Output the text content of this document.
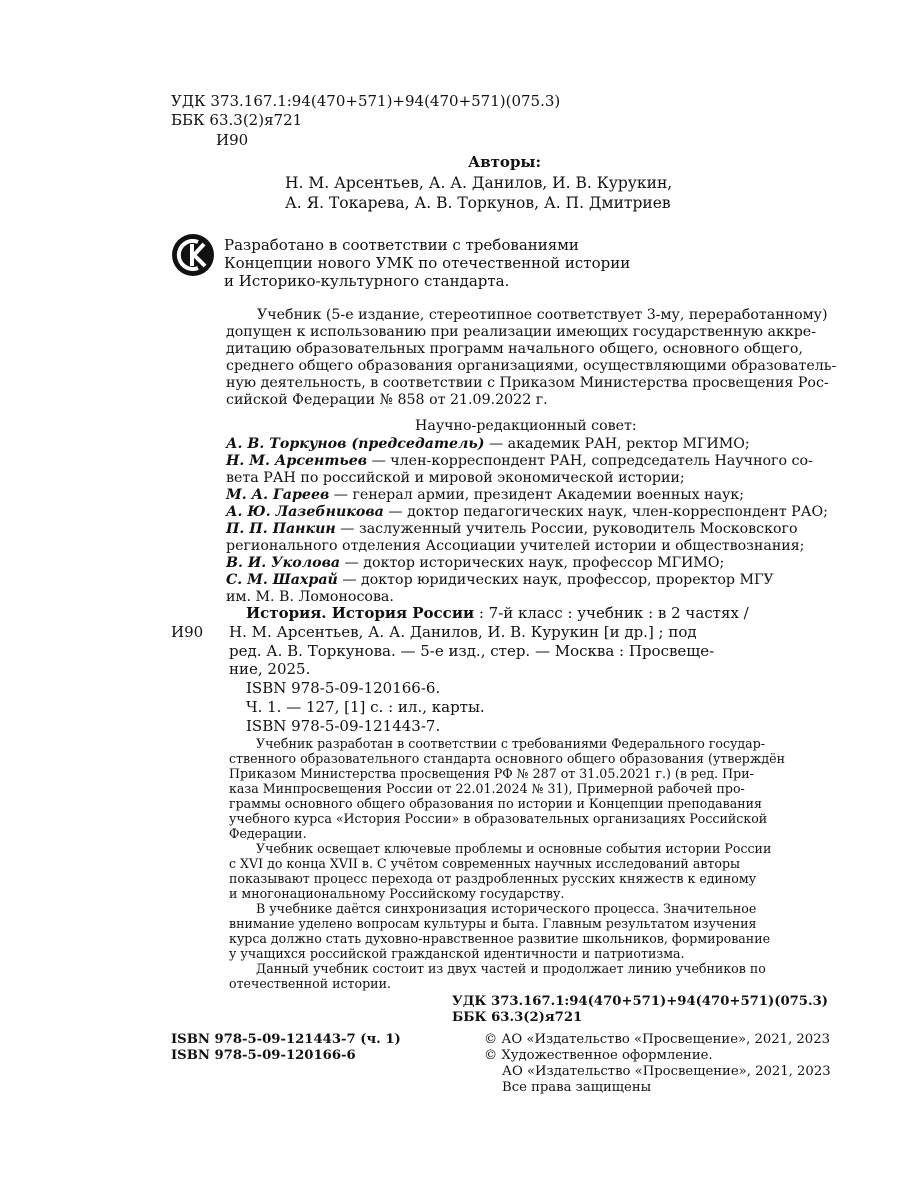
УДК 373.167.1:94(470+571)+94(470+571)(075.3)
ББК 63.3(2)я721
И90
Авторы:
Н. М. Арсентьев, А. А. Данилов, И. В. Курукин,
А. Я. Токарева, А. В. Торкунов, А. П. Дмитриев
Разработано в соответствии с требованиями
Концепции нового УМК по отечественной истории
и Историко-культурного стандарта.
Учебник (5-е издание, стереотипное соответствует 3-му, переработанному)
допущен к использованию при реализации имеющих государственную аккре-
дитацию образовательных программ начального общего, основного общего,
среднего общего образования организациями, осуществляющими образователь-
ную деятельность, в соответствии с Приказом Министерства просвещения Рос-
сийской Федерации № 858 от 21.09.2022 г.
Научно-редакционный совет:
А. В. Торкунов (председатель) — академик РАН, ректор МГИМО;
Н. М. Арсентьев — член-корреспондент РАН, сопредседатель Научного со-
вета РАН по российской и мировой экономической истории;
М. А. Гареев — генерал армии, президент Академии военных наук;
А. Ю. Лазебникова — доктор педагогических наук, член-корреспондент РАО;
П. П. Панкин — заслуженный учитель России, руководитель Московского
регионального отделения Ассоциации учителей истории и обществознания;
В. И. Уколова — доктор исторических наук, профессор МГИМО;
С. М. Шахрай — доктор юридических наук, профессор, проректор МГУ
им. М. В. Ломоносова.
История. История России : 7-й класс : учебник : в 2 частях /
И90 Н. М. Арсентьев, А. А. Данилов, И. В. Курукин [и др.] ; под
ред. А. В. Торкунова. — 5-е изд., стер. — Москва : Просвеще-
ние, 2025.
ISBN 978-5-09-120166-6.
Ч. 1. — 127, [1] с. : ил., карты.
ISBN 978-5-09-121443-7.
Учебник разработан в соответствии с требованиями Федерального государ-
ственного образовательного стандарта основного общего образования (утверждён
Приказом Министерства просвещения РФ № 287 от 31.05.2021 г.) (в ред. При-
каза Минпросвещения России от 22.01.2024 № 31), Примерной рабочей про-
граммы основного общего образования по истории и Концепции преподавания
учебного курса «История России» в образовательных организациях Российской
Федерации.
Учебник освещает ключевые проблемы и основные события истории России
с XVI до конца XVII в. С учётом современных научных исследований авторы
показывают процесс перехода от раздробленных русских княжеств к единому
и многонациональному Российскому государству.
В учебнике даётся синхронизация исторического процесса. Значительное
внимание уделено вопросам культуры и быта. Главным результатом изучения
курса должно стать духовно-нравственное развитие школьников, формирование
у учащихся российской гражданской идентичности и патриотизма.
Данный учебник состоит из двух частей и продолжает линию учебников по
отечественной истории.
УДК 373.167.1:94(470+571)+94(470+571)(075.3)
ББК 63.3(2)я721
ISBN 978-5-09-121443-7 (ч. 1)
ISBN 978-5-09-120166-6
© АО «Издательство «Просвещение», 2021, 2023
© Художественное оформление.
АО «Издательство «Просвещение», 2021, 2023
Все права защищены
